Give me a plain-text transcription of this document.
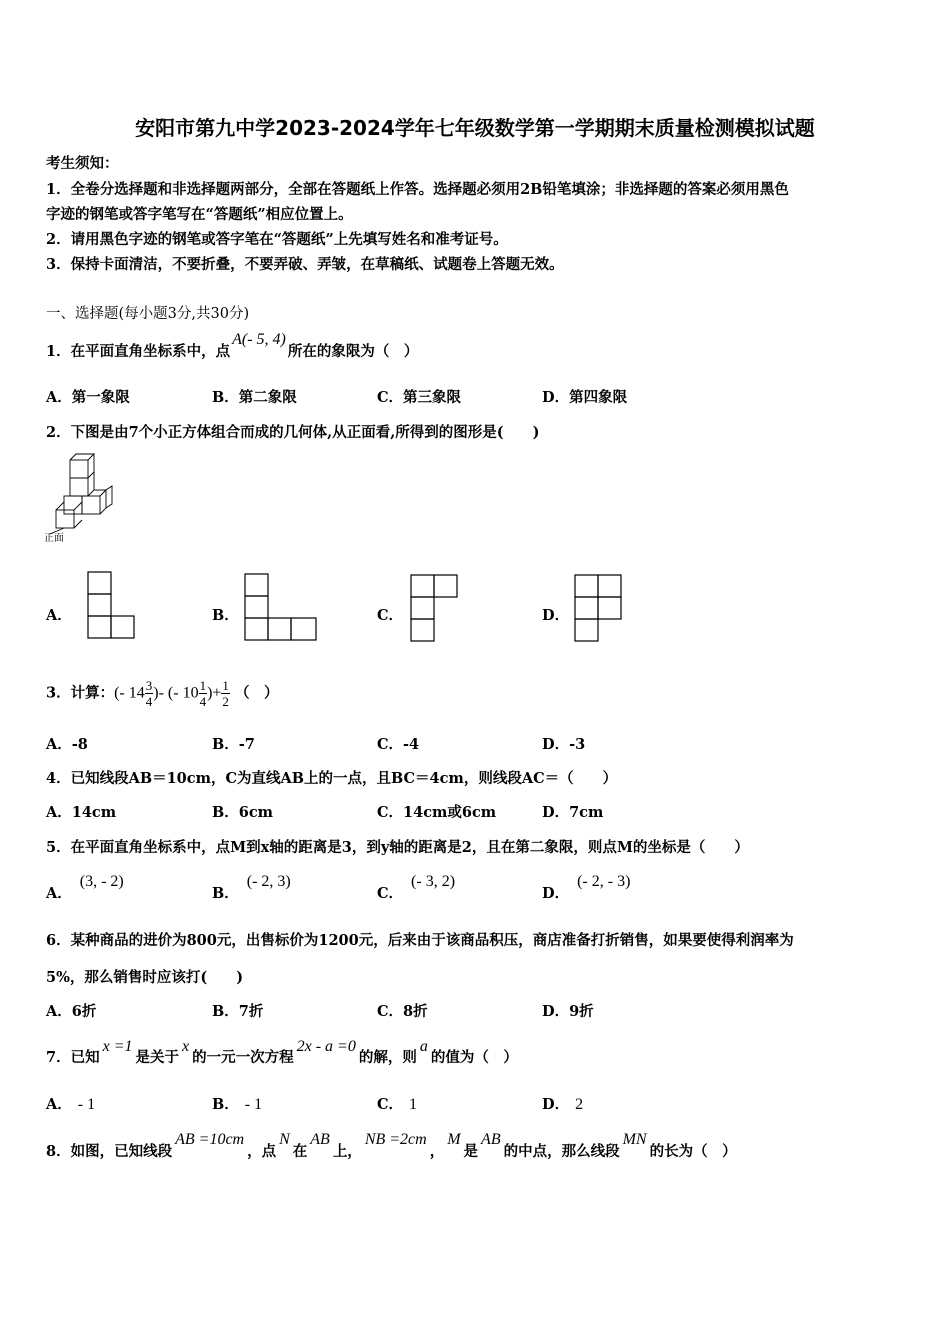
安阳市第九中学2023-2024学年七年级数学第一学期期末质量检测模拟试题
考生须知：
1．全卷分选择题和非选择题两部分，全部在答题纸上作答。选择题必须用2B铅笔填涂；非选择题的答案必须用黑色
字迹的钢笔或答字笔写在“答题纸”相应位置上。
2．请用黑色字迹的钢笔或答字笔在“答题纸”上先填写姓名和准考证号。
3．保持卡面清洁，不要折叠，不要弄破、弄皱，在草稿纸、试题卷上答题无效。
一、选择题(每小题3分,共30分)
1．在平面直角坐标系中，点A(- 5, 4)所在的象限为（　）
A．第一象限	B．第二象限	C．第三象限	D．第四象限
2．下图是由7个小正方体组合而成的几何体,从正面看,所得到的图形是(　　)
正面
A．	B．	C．	D．
3．计算：(- $14 \frac{3}{4}$ )- (- $10 \frac{1}{4}$ )+ $\frac{1}{2}$ （　）
A．-8	B．-7	C．-4	D．-3
4．已知线段AB＝10cm，C为直线AB上的一点，且BC＝4cm，则线段AC＝（　　）
A．14cm	B．6cm	C．14cm或6cm	D．7cm
5．在平面直角坐标系中，点M到x轴的距离是3，到y轴的距离是2，且在第二象限，则点M的坐标是（　　）
A．(3, - 2)
B．(- 2, 3)
C．(- 3, 2)
D．(- 2, - 3)
6．某种商品的进价为800元，出售标价为1200元，后来由于该商品积压，商店准备打折销售，如果要使得利润率为
5%，那么销售时应该打(　　)
A．6折	B．7折	C．8折	D．9折
7．已知x =1是关于x的一元一次方程2x - a =0的解，则a的值为（　）
A． - 1	B． - 1	C． 1	D． 2
8．如图，已知线段AB =10cm，点N在AB上，NB =2cm，M是AB的中点，那么线段MN的长为（　）
